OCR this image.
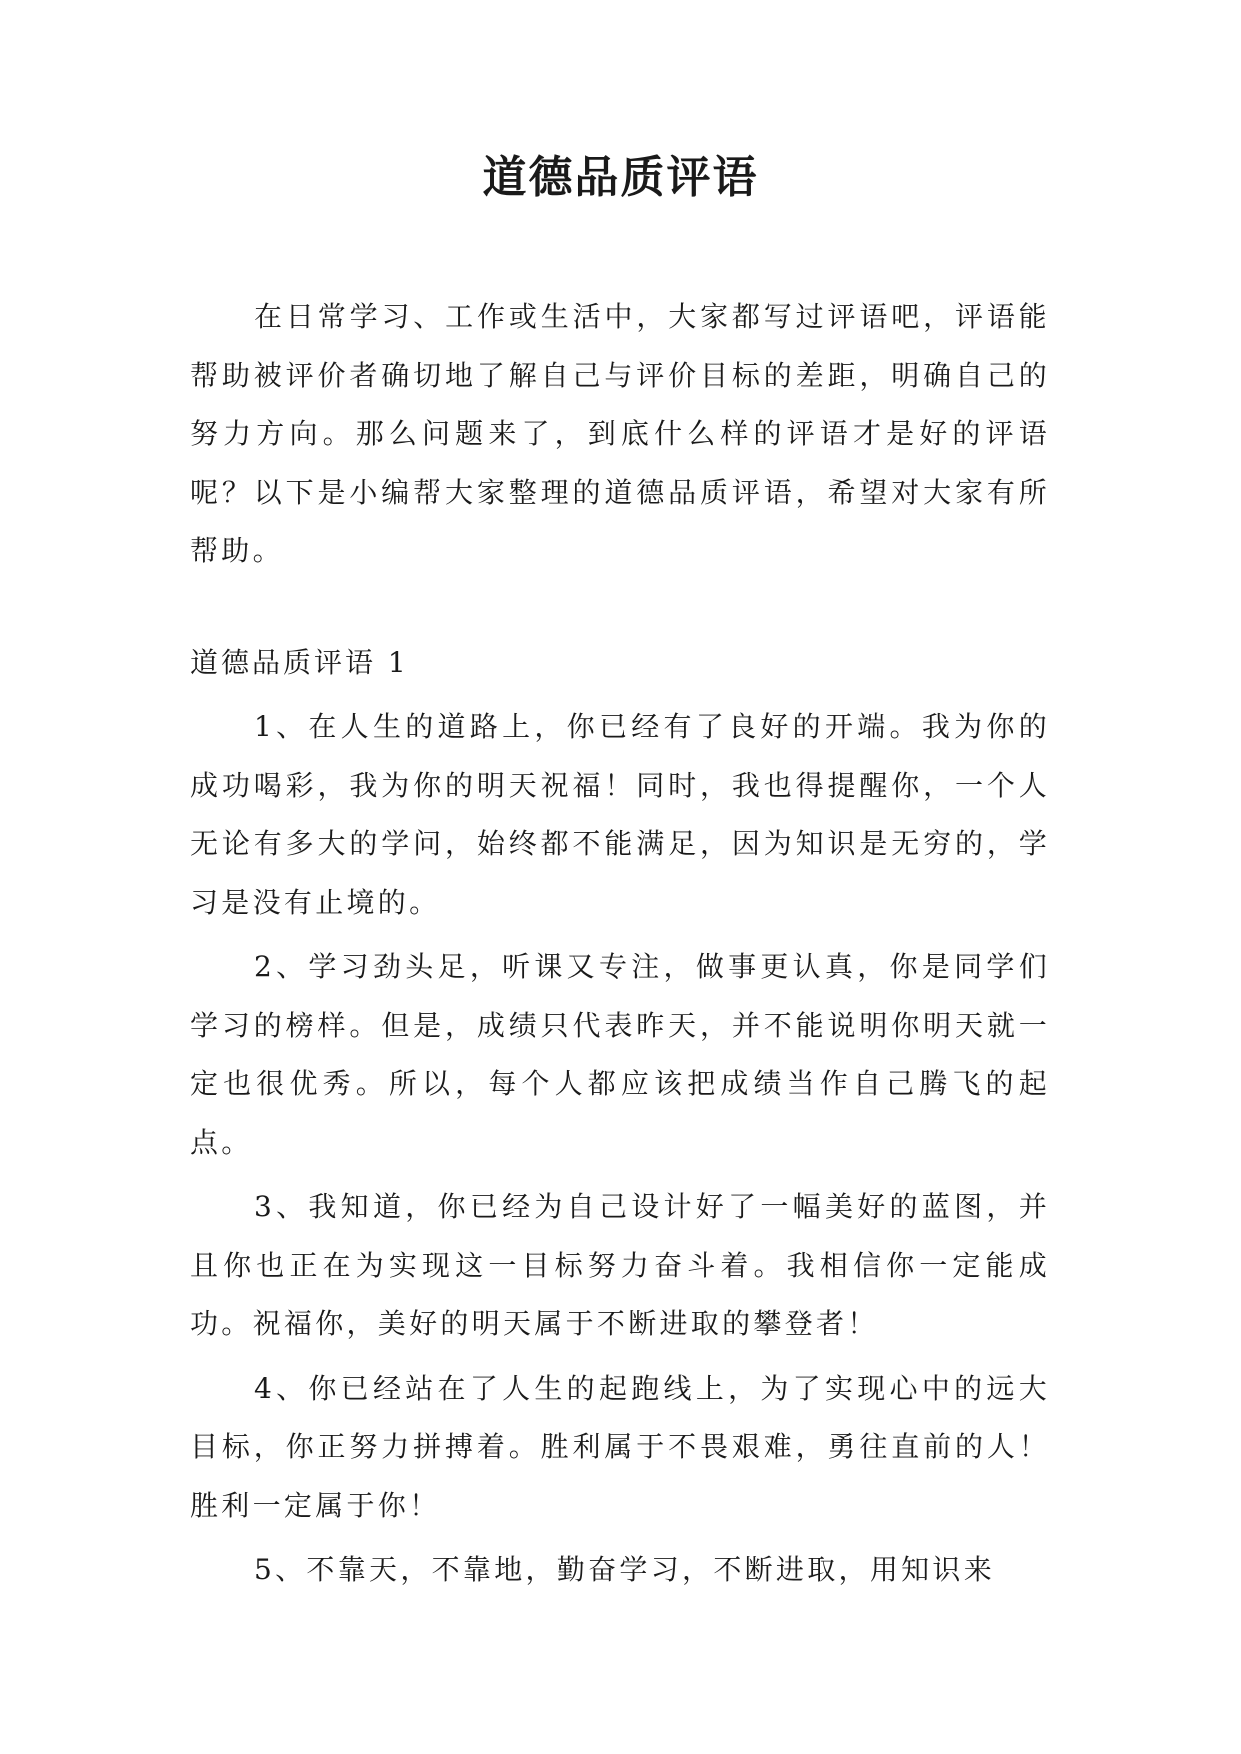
道德品质评语

在日常学习、工作或生活中，大家都写过评语吧，评语能帮助被评价者确切地了解自己与评价目标的差距，明确自己的努力方向。那么问题来了，到底什么样的评语才是好的评语呢？以下是小编帮大家整理的道德品质评语，希望对大家有所帮助。

道德品质评语 1

1、在人生的道路上，你已经有了良好的开端。我为你的成功喝彩，我为你的明天祝福！同时，我也得提醒你，一个人无论有多大的学问，始终都不能满足，因为知识是无穷的，学习是没有止境的。

2、学习劲头足，听课又专注，做事更认真，你是同学们学习的榜样。但是，成绩只代表昨天，并不能说明你明天就一定也很优秀。所以，每个人都应该把成绩当作自己腾飞的起点。

3、我知道，你已经为自己设计好了一幅美好的蓝图，并且你也正在为实现这一目标努力奋斗着。我相信你一定能成功。祝福你，美好的明天属于不断进取的攀登者！

4、你已经站在了人生的起跑线上，为了实现心中的远大目标，你正努力拼搏着。胜利属于不畏艰难，勇往直前的人！胜利一定属于你！

5、不靠天，不靠地，勤奋学习，不断进取，用知识来
